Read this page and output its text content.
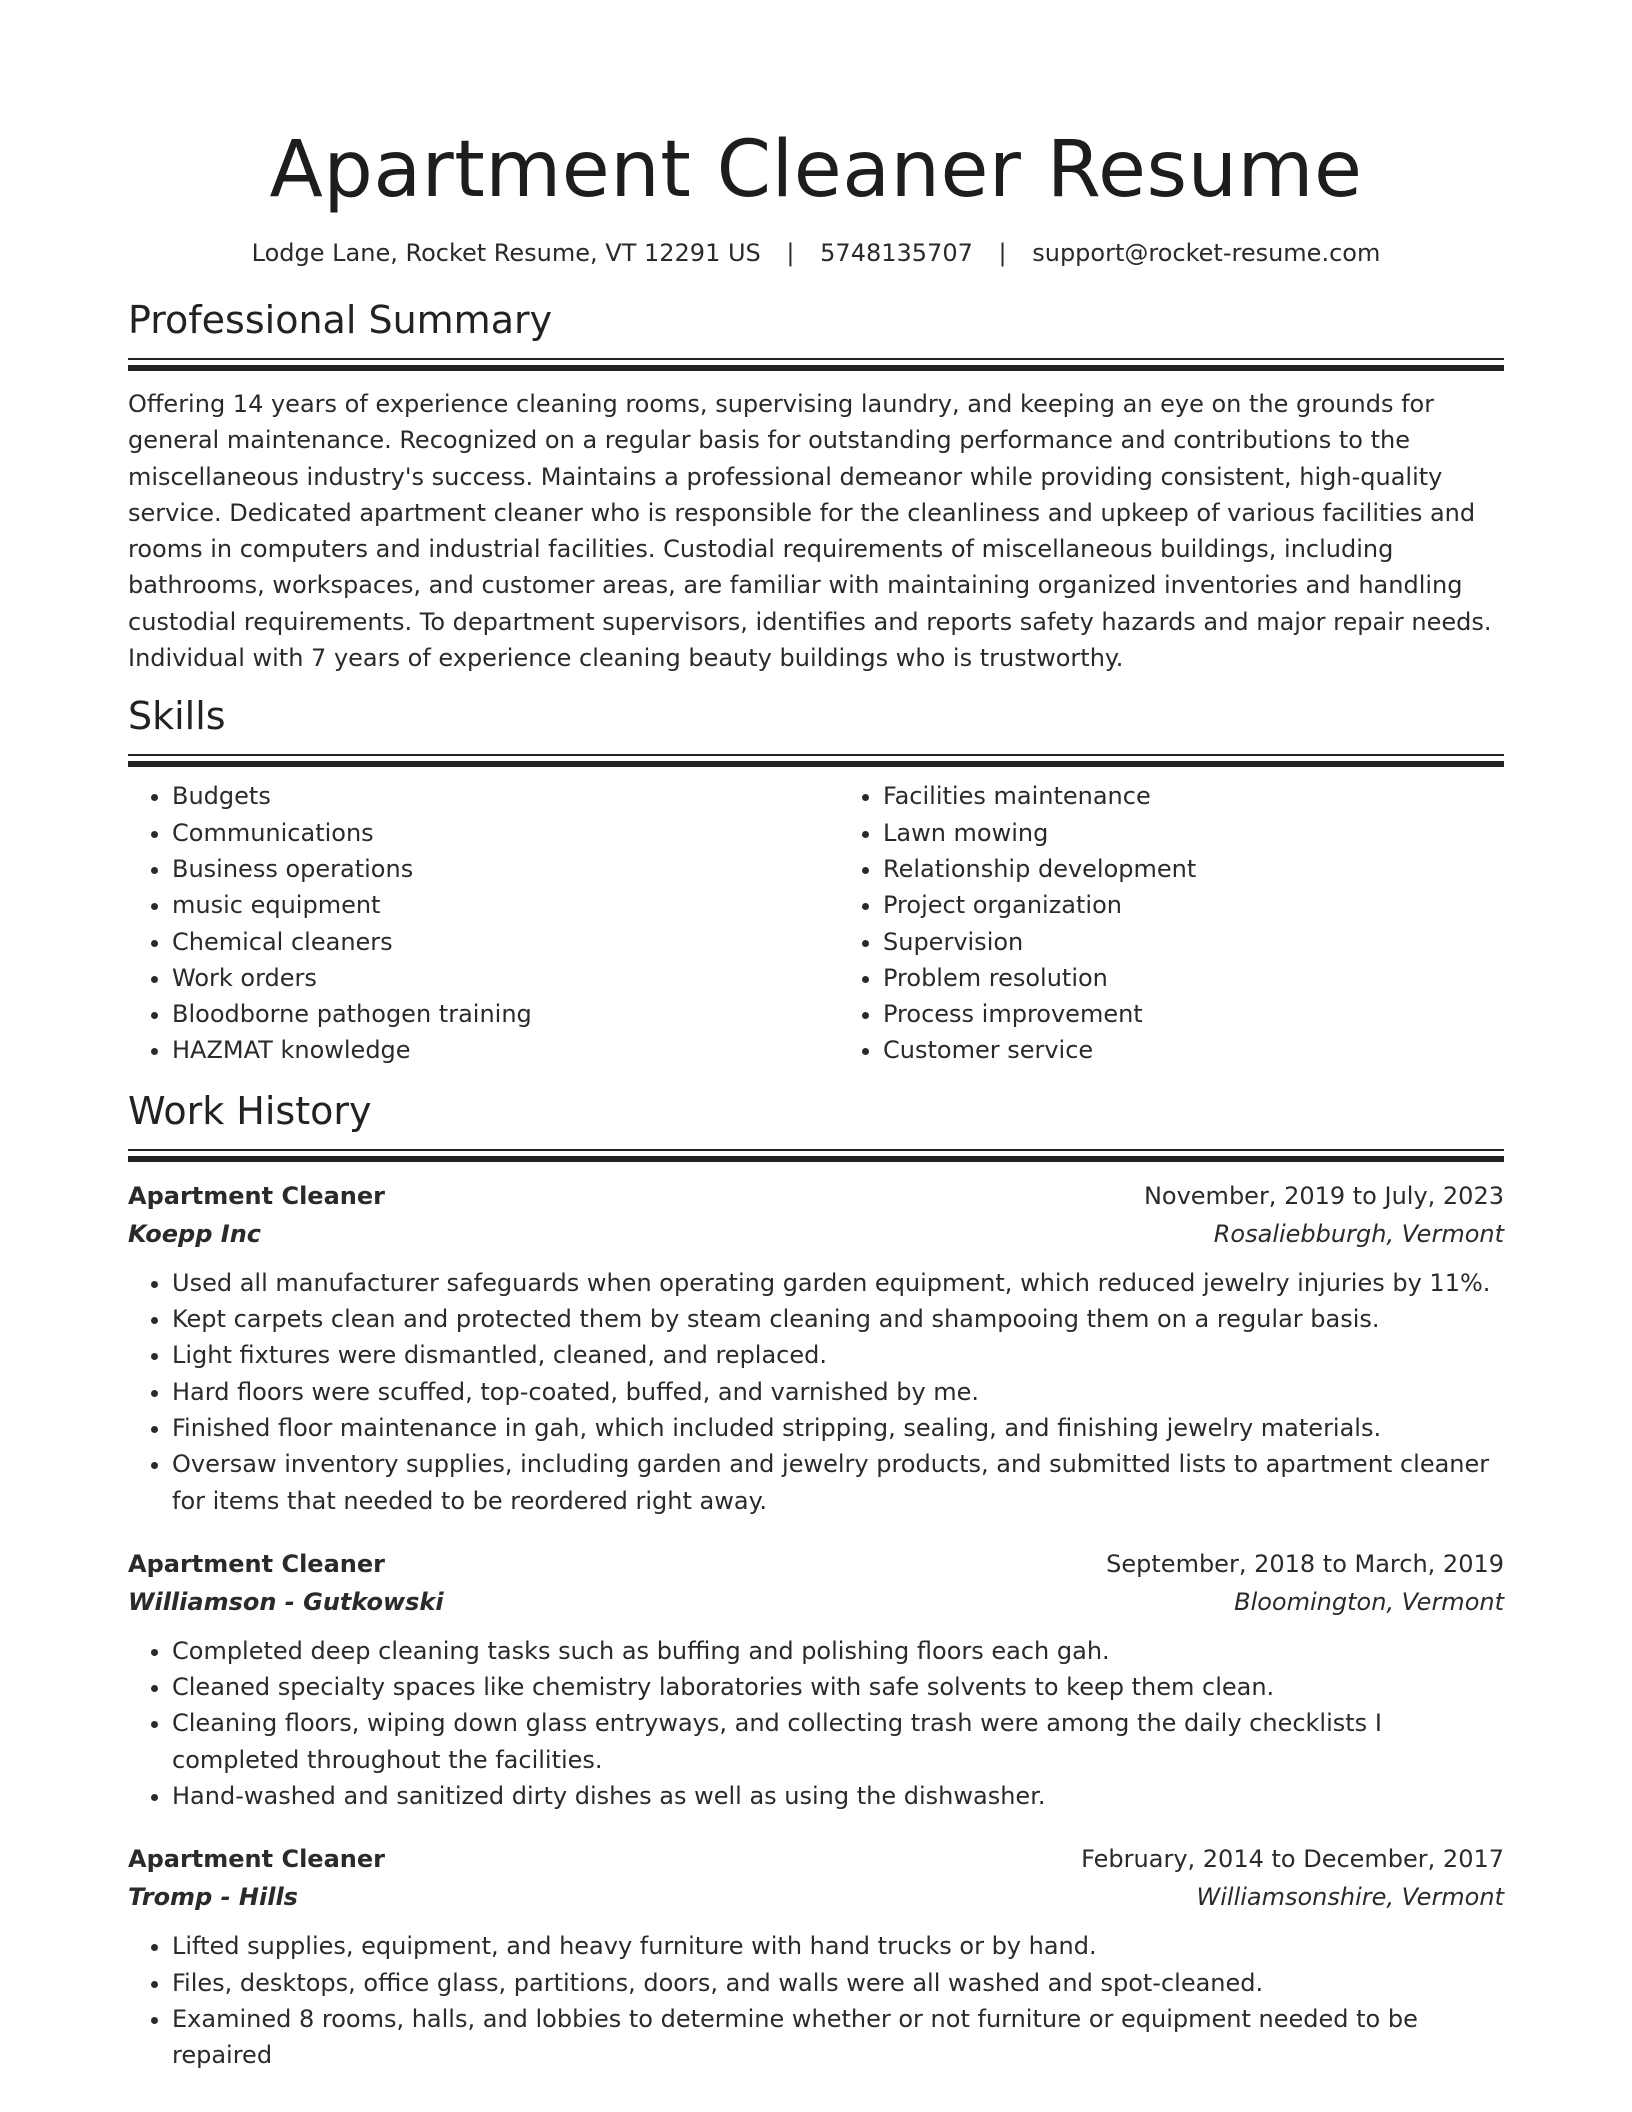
Apartment Cleaner Resume
Lodge Lane, Rocket Resume, VT 12291 US | 5748135707 | support@rocket-resume.com
Professional Summary
Offering 14 years of experience cleaning rooms, supervising laundry, and keeping an eye on the grounds for general maintenance. Recognized on a regular basis for outstanding performance and contributions to the miscellaneous industry's success. Maintains a professional demeanor while providing consistent, high-quality service. Dedicated apartment cleaner who is responsible for the cleanliness and upkeep of various facilities and rooms in computers and industrial facilities. Custodial requirements of miscellaneous buildings, including bathrooms, workspaces, and customer areas, are familiar with maintaining organized inventories and handling custodial requirements. To department supervisors, identifies and reports safety hazards and major repair needs. Individual with 7 years of experience cleaning beauty buildings who is trustworthy.
Skills
• Budgets
• Communications
• Business operations
• music equipment
• Chemical cleaners
• Work orders
• Bloodborne pathogen training
• HAZMAT knowledge
• Facilities maintenance
• Lawn mowing
• Relationship development
• Project organization
• Supervision
• Problem resolution
• Process improvement
• Customer service
Work History
Apartment Cleaner	November, 2019 to July, 2023
Koepp Inc	Rosaliebburgh, Vermont
• Used all manufacturer safeguards when operating garden equipment, which reduced jewelry injuries by 11%.
• Kept carpets clean and protected them by steam cleaning and shampooing them on a regular basis.
• Light fixtures were dismantled, cleaned, and replaced.
• Hard floors were scuffed, top-coated, buffed, and varnished by me.
• Finished floor maintenance in gah, which included stripping, sealing, and finishing jewelry materials.
• Oversaw inventory supplies, including garden and jewelry products, and submitted lists to apartment cleaner for items that needed to be reordered right away.
Apartment Cleaner	September, 2018 to March, 2019
Williamson - Gutkowski	Bloomington, Vermont
• Completed deep cleaning tasks such as buffing and polishing floors each gah.
• Cleaned specialty spaces like chemistry laboratories with safe solvents to keep them clean.
• Cleaning floors, wiping down glass entryways, and collecting trash were among the daily checklists I completed throughout the facilities.
• Hand-washed and sanitized dirty dishes as well as using the dishwasher.
Apartment Cleaner	February, 2014 to December, 2017
Tromp - Hills	Williamsonshire, Vermont
• Lifted supplies, equipment, and heavy furniture with hand trucks or by hand.
• Files, desktops, office glass, partitions, doors, and walls were all washed and spot-cleaned.
• Examined 8 rooms, halls, and lobbies to determine whether or not furniture or equipment needed to be repaired
